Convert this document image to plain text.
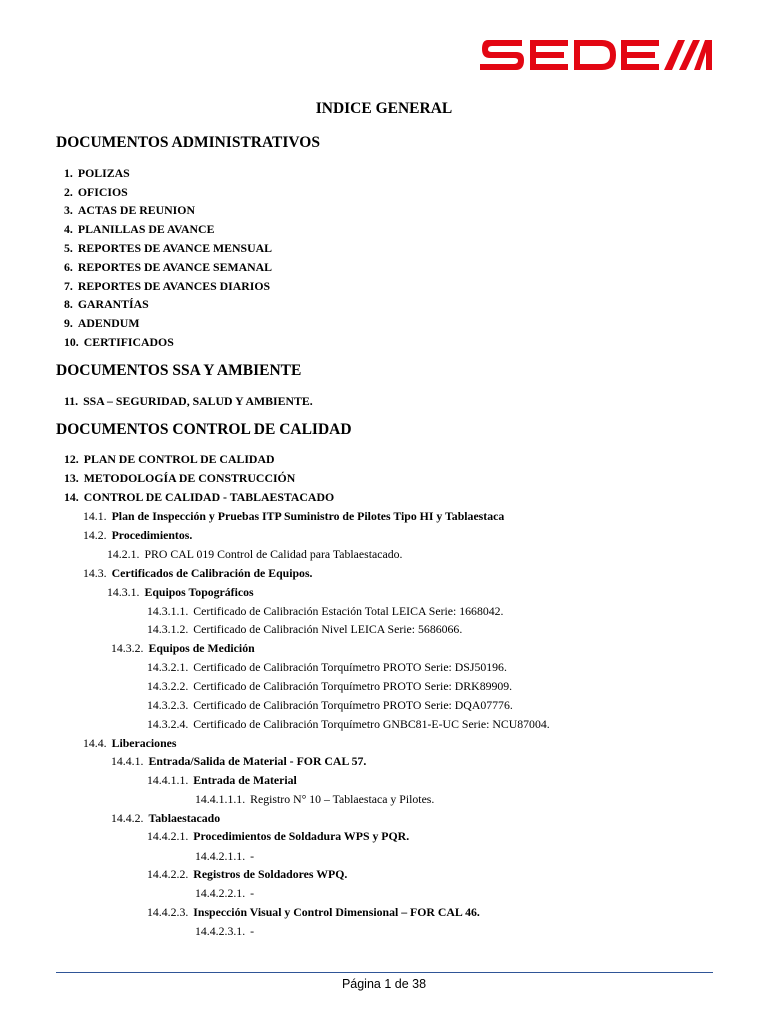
INDICE GENERAL
DOCUMENTOS ADMINISTRATIVOS
DOCUMENTOS SSA Y AMBIENTE
DOCUMENTOS CONTROL DE CALIDAD
1. POLIZAS
2. OFICIOS
3. ACTAS DE REUNION
4. PLANILLAS DE AVANCE
5. REPORTES DE AVANCE MENSUAL
6. REPORTES DE AVANCE SEMANAL
7. REPORTES DE AVANCES DIARIOS
8. GARANTÍAS
9. ADENDUM
10. CERTIFICADOS
11. SSA – SEGURIDAD, SALUD Y AMBIENTE.
12. PLAN DE CONTROL DE CALIDAD
13. METODOLOGÍA DE CONSTRUCCIÓN
14. CONTROL DE CALIDAD - TABLAESTACADO
14.1. Plan de Inspección y Pruebas ITP Suministro de Pilotes Tipo HI y Tablaestaca
14.2. Procedimientos.
14.2.1. PRO CAL 019 Control de Calidad para Tablaestacado.
14.3. Certificados de Calibración de Equipos.
14.3.1. Equipos Topográficos
14.3.1.1. Certificado de Calibración Estación Total LEICA Serie: 1668042.
14.3.1.2. Certificado de Calibración Nivel LEICA Serie: 5686066.
14.3.2. Equipos de Medición
14.3.2.1. Certificado de Calibración Torquímetro PROTO Serie: DSJ50196.
14.3.2.2. Certificado de Calibración Torquímetro PROTO Serie: DRK89909.
14.3.2.3. Certificado de Calibración Torquímetro PROTO Serie: DQA07776.
14.3.2.4. Certificado de Calibración Torquímetro GNBC81-E-UC Serie: NCU87004.
14.4. Liberaciones
14.4.1. Entrada/Salida de Material - FOR CAL 57.
14.4.1.1. Entrada de Material
14.4.1.1.1. Registro N° 10 – Tablaestaca y Pilotes.
14.4.2. Tablaestacado
14.4.2.1. Procedimientos de Soldadura WPS y PQR.
14.4.2.1.1. -
14.4.2.2. Registros de Soldadores WPQ.
14.4.2.2.1. -
14.4.2.3. Inspección Visual y Control Dimensional – FOR CAL 46.
14.4.2.3.1. -
Página 1 de 38
